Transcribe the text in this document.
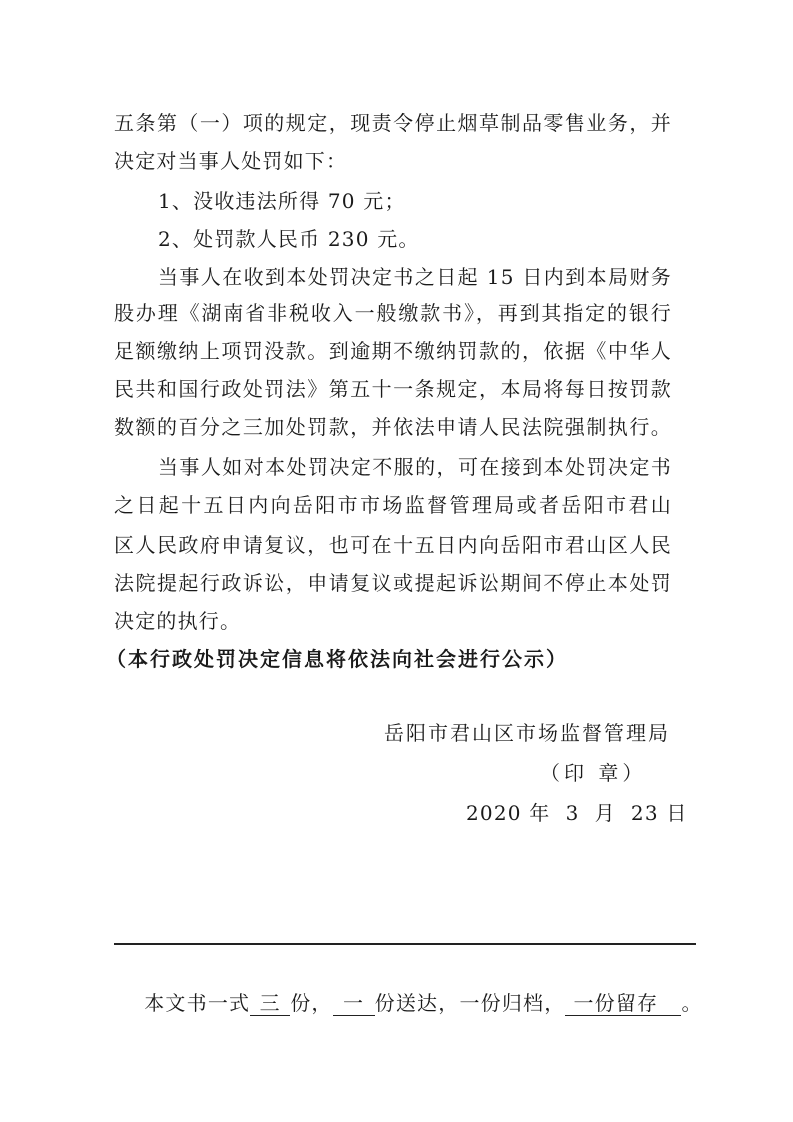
五条第（一）项的规定，现责令停止烟草制品零售业务，并
决定对当事人处罚如下：
1、没收违法所得 70 元；
2、处罚款人民币 230 元。
当事人在收到本处罚决定书之日起 15 日内到本局财务
股办理《湖南省非税收入一般缴款书》，再到其指定的银行
足额缴纳上项罚没款。到逾期不缴纳罚款的，依据《中华人
民共和国行政处罚法》第五十一条规定，本局将每日按罚款
数额的百分之三加处罚款，并依法申请人民法院强制执行。
当事人如对本处罚决定不服的，可在接到本处罚决定书
之日起十五日内向岳阳市市场监督管理局或者岳阳市君山
区人民政府申请复议，也可在十五日内向岳阳市君山区人民
法院提起行政诉讼，申请复议或提起诉讼期间不停止本处罚
决定的执行。
（本行政处罚决定信息将依法向社会进行公示）
岳阳市君山区市场监督管理局
（印 章）
2020 年  3  月  23 日

本文书一式 三 份， 一 份送达，一份归档， 一份留存 。
